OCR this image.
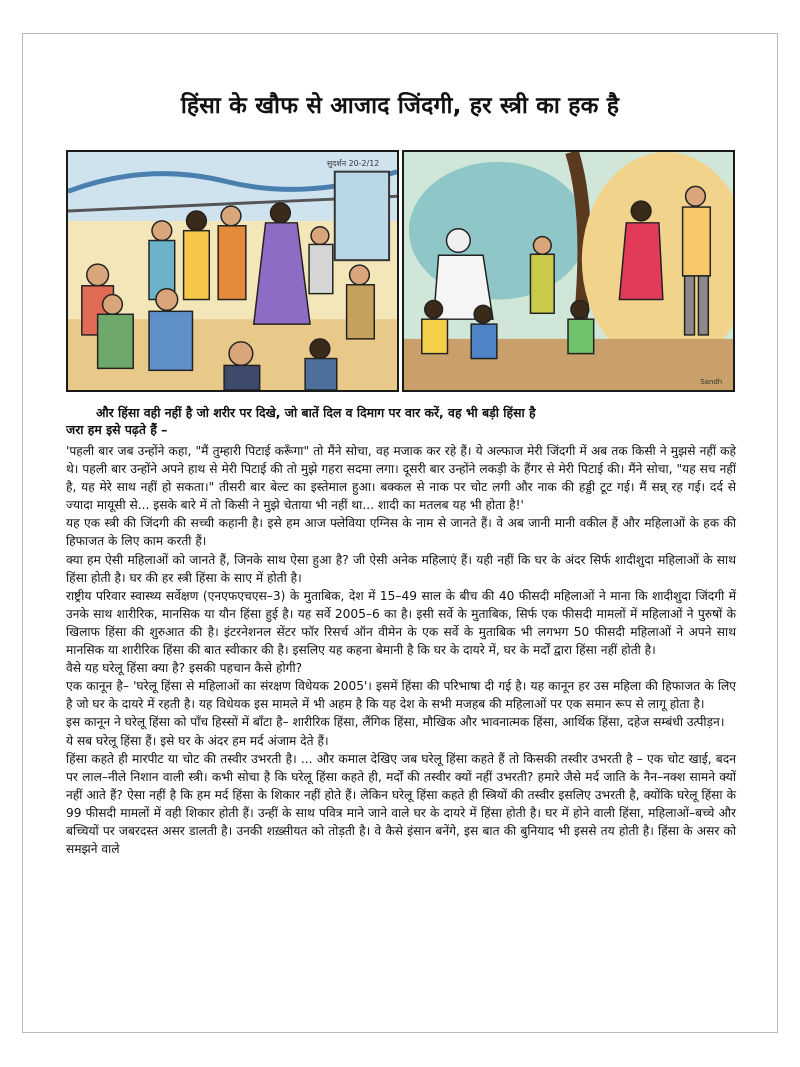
हिंसा के खौफ से आजाद जिंदगी, हर स्त्री का हक है
सुदर्शन 20-2/12
Sandh
और हिंसा वही नहीं है जो शरीर पर दिखे, जो बातें दिल व दिमाग पर वार करें, वह भी बड़ी हिंसा है
जरा हम इसे पढ़ते हैं –

'पहली बार जब उन्होंने कहा, "मैं तुम्हारी पिटाई करूँगा" तो मैंने सोचा, वह मजाक कर रहे हैं। ये अल्फाज मेरी जिंदगी में अब तक किसी ने मुझसे नहीं कहे थे। पहली बार उन्होंने अपने हाथ से मेरी पिटाई की तो मुझे गहरा सदमा लगा। दूसरी बार उन्होंने लकड़ी के हैंगर से मेरी पिटाई की। मैंने सोचा, "यह सच नहीं है, यह मेरे साथ नहीं हो सकता।" तीसरी बार बेल्ट का इस्तेमाल हुआ। बक्कल से नाक पर चोट लगी और नाक की हड्डी टूट गई। मैं सन्न् रह गई। दर्द से ज्यादा मायूसी से... इसके बारे में तो किसी ने मुझे चेताया भी नहीं था... शादी का मतलब यह भी होता है!'

यह एक स्त्री की जिंदगी की सच्ची कहानी है। इसे हम आज फ्लेविया एग्निस के नाम से जानते हैं। वे अब जानी मानी वकील हैं और महिलाओं के हक की हिफाजत के लिए काम करती हैं।

क्या हम ऐसी महिलाओं को जानते हैं, जिनके साथ ऐसा हुआ है? जी ऐसी अनेक महिलाएं हैं। यही नहीं कि घर के अंदर सिर्फ शादीशुदा महिलाओं के साथ हिंसा होती है। घर की हर स्त्री हिंसा के साए में होती है।

राष्ट्रीय परिवार स्वास्थ्य सर्वेक्षण (एनएफएचएस–3) के मुताबिक, देश में 15–49 साल के बीच की 40 फीसदी महिलाओं ने माना कि शादीशुदा जिंदगी में उनके साथ शारीरिक, मानसिक या यौन हिंसा हुई है। यह सर्वे 2005–6 का है। इसी सर्वे के मुताबिक, सिर्फ एक फीसदी मामलों में महिलाओं ने पुरुषों के खिलाफ हिंसा की शुरुआत की है। इंटरनेशनल सेंटर फॉर रिसर्च ऑन वीमेन के एक सर्वे के मुताबिक भी लगभग 50 फीसदी महिलाओं ने अपने साथ मानसिक या शारीरिक हिंसा की बात स्वीकार की है। इसलिए यह कहना बेमानी है कि घर के दायरे में, घर के मर्दों द्वारा हिंसा नहीं होती है।

वैसे यह घरेलू हिंसा क्या है? इसकी पहचान कैसे होगी?

एक कानून है– 'घरेलू हिंसा से महिलाओं का संरक्षण विधेयक 2005'। इसमें हिंसा की परिभाषा दी गई है। यह कानून हर उस महिला की हिफाजत के लिए है जो घर के दायरे में रहती है। यह विधेयक इस मामले में भी अहम है कि यह देश के सभी मजहब की महिलाओं पर एक समान रूप से लागू होता है।

इस कानून ने घरेलू हिंसा को पाँच हिस्सों में बाँटा है– शारीरिक हिंसा, लैंगिक हिंसा, मौखिक और भावनात्मक हिंसा, आर्थिक हिंसा, दहेज सम्बंधी उत्पीड़न।

ये सब घरेलू हिंसा हैं। इसे घर के अंदर हम मर्द अंजाम देते हैं।

हिंसा कहते ही मारपीट या चोट की तस्वीर उभरती है। ... और कमाल देखिए जब घरेलू हिंसा कहते हैं तो किसकी तस्वीर उभरती है – एक चोट खाई, बदन पर लाल–नीले निशान वाली स्त्री। कभी सोचा है कि घरेलू हिंसा कहते ही, मर्दों की तस्वीर क्यों नहीं उभरती? हमारे जैसे मर्द जाति के नैन–नक्श सामने क्यों नहीं आते हैं? ऐसा नहीं है कि हम मर्द हिंसा के शिकार नहीं होते हैं। लेकिन घरेलू हिंसा कहते ही स्त्रियों की तस्वीर इसलिए उभरती है, क्योंकि घरेलू हिंसा के 99 फीसदी मामलों में वही शिकार होती हैं। उन्हीं के साथ पवित्र माने जाने वाले घर के दायरे में हिंसा होती है। घर में होने वाली हिंसा, महिलाओं–बच्चे और बच्चियों पर जबरदस्त असर डालती है। उनकी शख़्सीयत को तोड़ती है। वे कैसे इंसान बनेंगे, इस बात की बुनियाद भी इससे तय होती है। हिंसा के असर को समझने वाले
